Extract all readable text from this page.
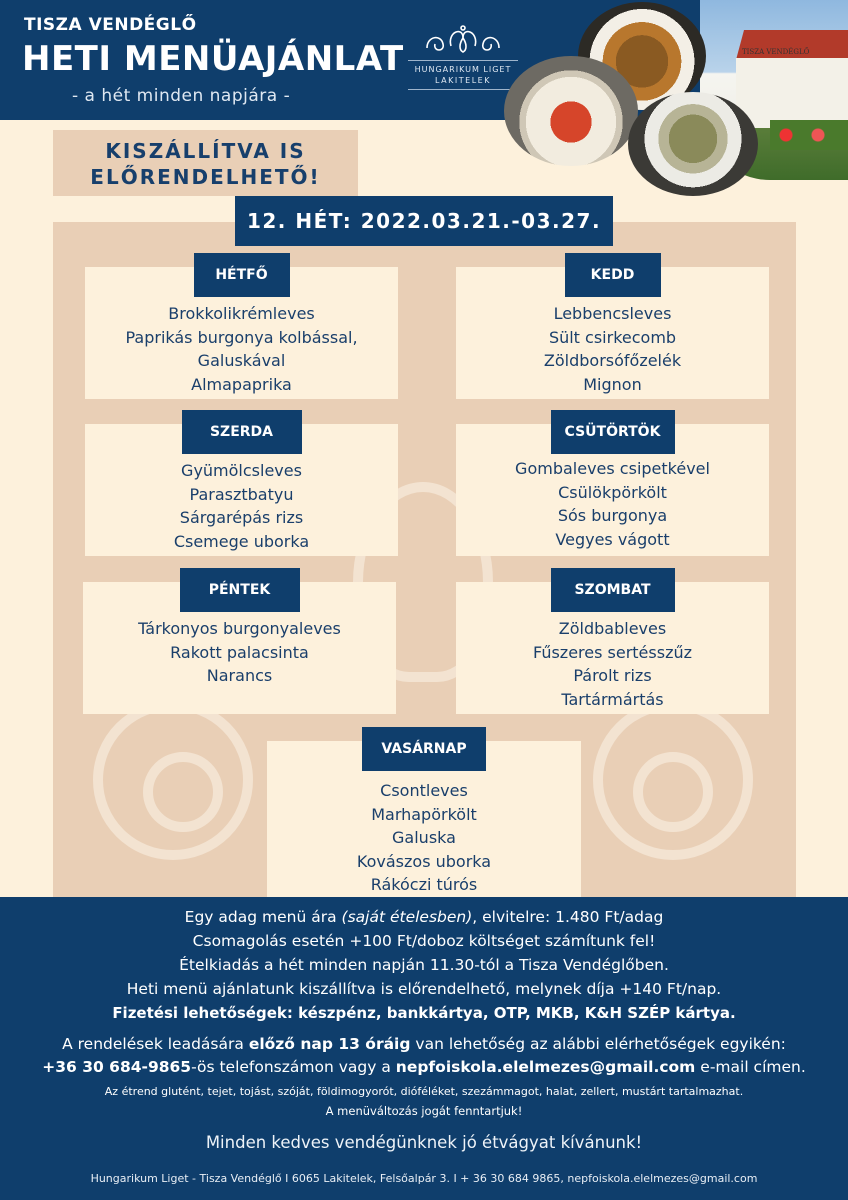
TISZA VENDÉGLŐ
HETI MENÜAJÁNLAT
- a hét minden napjára -
HUNGARIKUM LIGET
LAKITELEK
TISZA VENDÉGLŐ
KISZÁLLÍTVA IS
ELŐRENDELHETŐ!
12. HÉT: 2022.03.21.-03.27.
HÉTFŐ
Brokkolikrémleves
Paprikás burgonya kolbással,
Galuskával
Almapaprika
KEDD
Lebbencsleves
Sült csirkecomb
Zöldborsófőzelék
Mignon
SZERDA
Gyümölcsleves
Parasztbatyu
Sárgarépás rizs
Csemege uborka
CSÜTÖRTÖK
Gombaleves csipetkével
Csülökpörkölt
Sós burgonya
Vegyes vágott
PÉNTEK
Tárkonyos burgonyaleves
Rakott palacsinta
Narancs
SZOMBAT
Zöldbableves
Fűszeres sertésszűz
Párolt rizs
Tartármártás
VASÁRNAP
Csontleves
Marhapörkölt
Galuska
Kovászos uborka
Rákóczi túrós
Egy adag menü ára (saját ételesben), elvitelre: 1.480 Ft/adag
Csomagolás esetén +100 Ft/doboz költséget számítunk fel!
Ételkiadás a hét minden napján 11.30-tól a Tisza Vendéglőben.
Heti menü ajánlatunk kiszállítva is előrendelhető, melynek díja +140 Ft/nap.
Fizetési lehetőségek: készpénz, bankkártya, OTP, MKB, K&H SZÉP kártya.
A rendelések leadására előző nap 13 óráig van lehetőség az alábbi elérhetőségek egyikén:
+36 30 684-9865-ös telefonszámon vagy a nepfoiskola.elelmezes@gmail.com e-mail címen.
Az étrend glutént, tejet, tojást, szóját, földimogyorót, dióféléket, szezámmagot, halat, zellert, mustárt tartalmazhat.
A menüváltozás jogát fenntartjuk!
Minden kedves vendégünknek jó étvágyat kívánunk!
Hungarikum Liget - Tisza Vendéglő I 6065 Lakitelek, Felsőalpár 3. I + 36 30 684 9865, nepfoiskola.elelmezes@gmail.com
